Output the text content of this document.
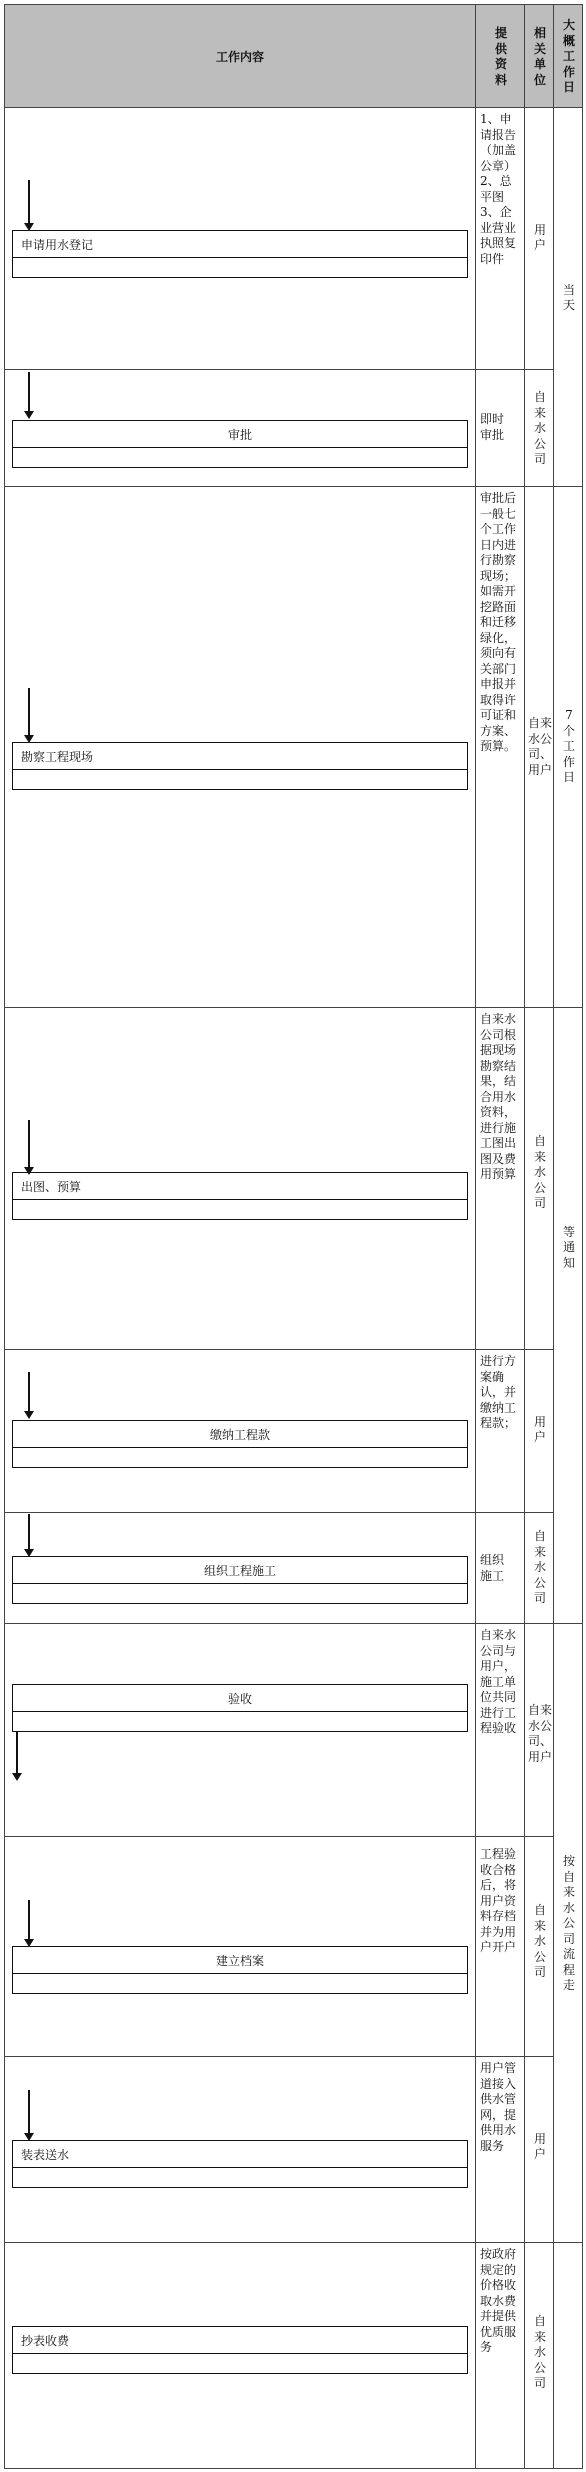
工作内容
提供资料
相关单位
大概工作日
申请用水登记
1、申请报告（加盖公章）2、总平图3、企业营业执照复印件
用户
审批
即时审批
自来水公司
当天
勘察工程现场
审批后一般七个工作日内进行勘察现场；如需开挖路面和迁移绿化，须向有关部门申报并取得许可证和方案、预算。
自来水公司、用户
7个工作日
出图、预算
自来水公司根据现场勘察结果，结合用水资料，进行施工图出图及费用预算
自来水公司
缴纳工程款
进行方案确认，并缴纳工程款；	用户
组织工程施工
组织施工
自来水公司
等通知
验收
自来水公司与用户，施工单位共同进行工程验收
自来水公司、用户
建立档案
工程验收合格后，将用户资料存档并为用户开户
自来水公司
装表送水
用户管道接入供水管网，提供用水服务	用户
按自来水公司流程走
抄表收费
按政府规定的价格收取水费并提供优质服务
自来水公司
